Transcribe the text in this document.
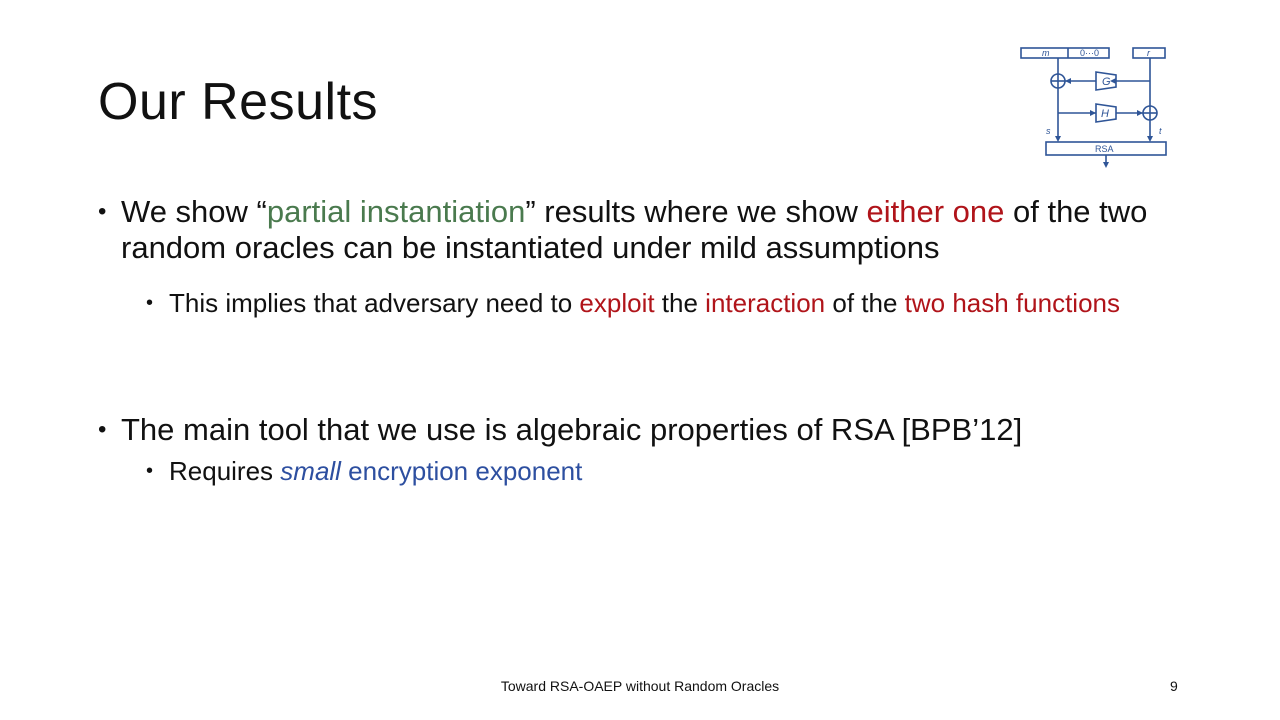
Our Results
m	0···0	r
G
H
s	t
RSA
• We show “partial instantiation” results where we show either one of the two random oracles can be instantiated under mild assumptions
• This implies that adversary need to exploit the interaction of the two hash functions
• The main tool that we use is algebraic properties of RSA [BPB’12]
• Requires small encryption exponent
Toward RSA-OAEP without Random Oracles	9
